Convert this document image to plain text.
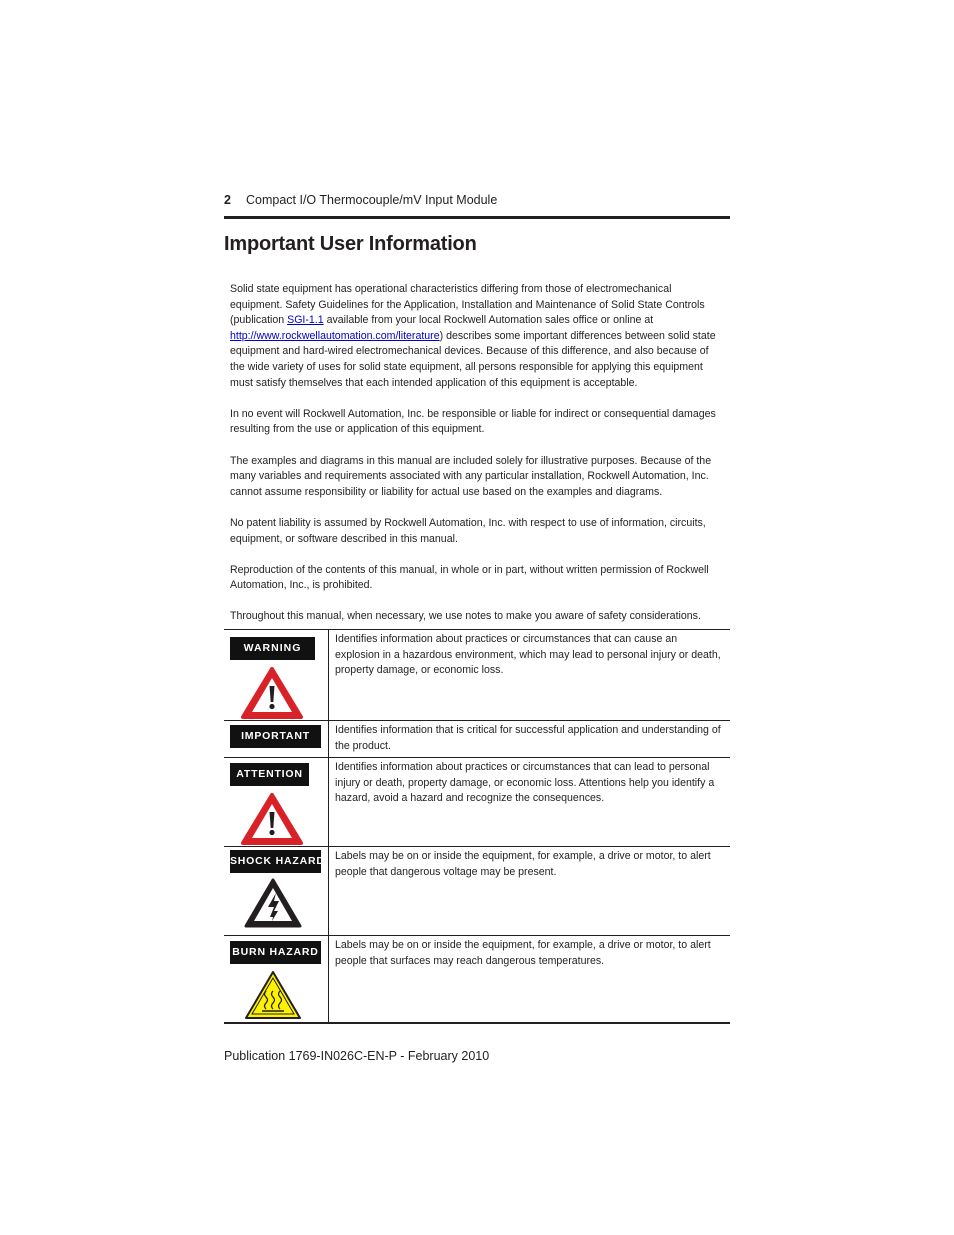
2 Compact I/O Thermocouple/mV Input Module
Important User Information

Solid state equipment has operational characteristics differing from those of electromechanical equipment. Safety Guidelines for the Application, Installation and Maintenance of Solid State Controls (publication SGI-1.1 available from your local Rockwell Automation sales office or online at http://www.rockwellautomation.com/literature) describes some important differences between solid state equipment and hard-wired electromechanical devices. Because of this difference, and also because of the wide variety of uses for solid state equipment, all persons responsible for applying this equipment must satisfy themselves that each intended application of this equipment is acceptable.

In no event will Rockwell Automation, Inc. be responsible or liable for indirect or consequential damages resulting from the use or application of this equipment.

The examples and diagrams in this manual are included solely for illustrative purposes. Because of the many variables and requirements associated with any particular installation, Rockwell Automation, Inc. cannot assume responsibility or liability for actual use based on the examples and diagrams.

No patent liability is assumed by Rockwell Automation, Inc. with respect to use of information, circuits, equipment, or software described in this manual.

Reproduction of the contents of this manual, in whole or in part, without written permission of Rockwell Automation, Inc., is prohibited.

Throughout this manual, when necessary, we use notes to make you aware of safety considerations.

WARNING	Identifies information about practices or circumstances that can cause an explosion in a hazardous environment, which may lead to personal injury or death, property damage, or economic loss.

IMPORTANT	Identifies information that is critical for successful application and understanding of the product.

ATTENTION	Identifies information about practices or circumstances that can lead to personal injury or death, property damage, or economic loss. Attentions help you identify a hazard, avoid a hazard and recognize the consequences.

SHOCK HAZARD	Labels may be on or inside the equipment, for example, a drive or motor, to alert people that dangerous voltage may be present.

BURN HAZARD	Labels may be on or inside the equipment, for example, a drive or motor, to alert people that surfaces may reach dangerous temperatures.
Publication 1769-IN026C-EN-P - February 2010
